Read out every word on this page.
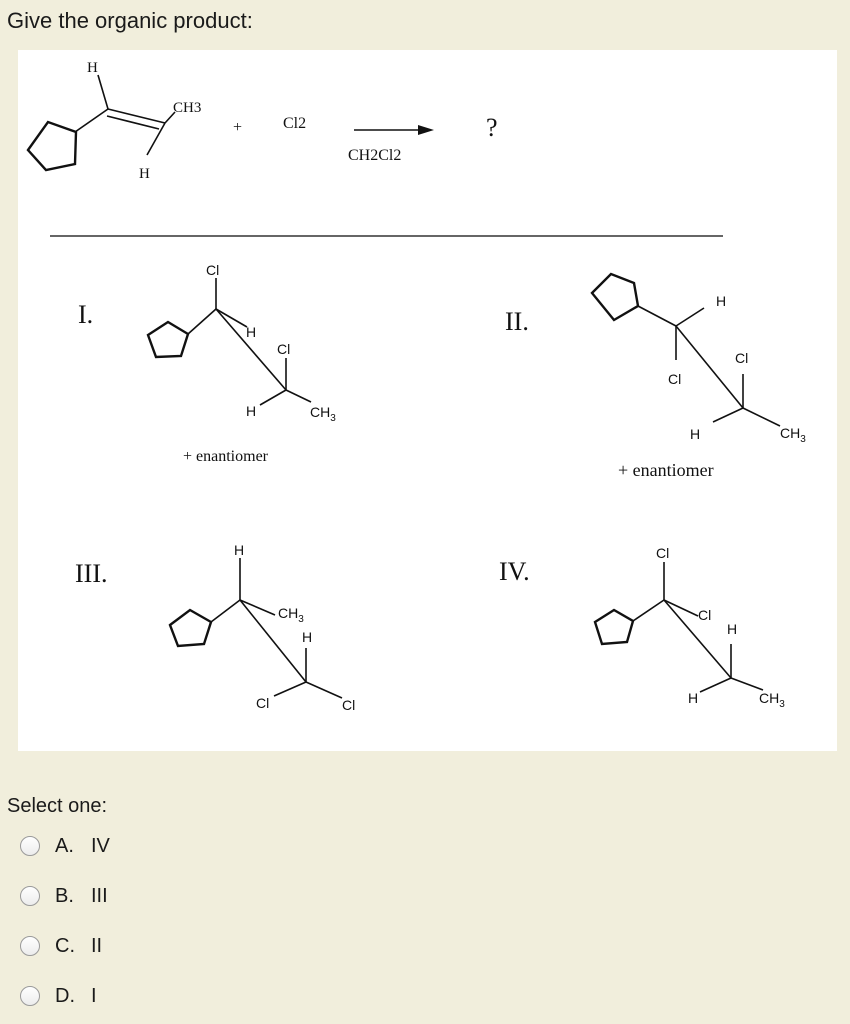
Give the organic product:
H
CH3
H
+	Cl2
CH2Cl2
?
I.
Cl
H
Cl
H	$CH_3$
+ enantiomer
II.
H
Cl
Cl
H	$CH_3$
+ enantiomer
III.
H
$CH_3$
H
Cl	Cl
IV.
Cl
Cl
H
H	$CH_3$
Select one:
A. IV
B. III
C. II
D. I
